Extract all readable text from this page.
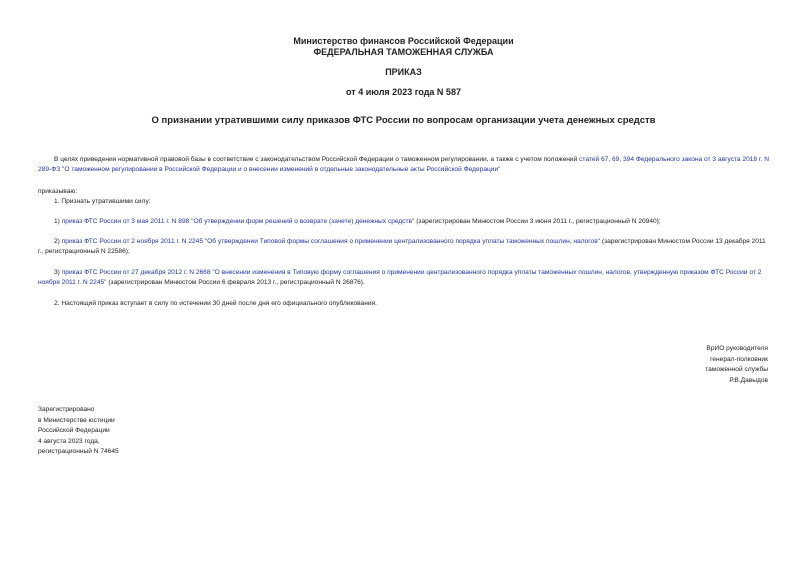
Министерство финансов Российской Федерации
ФЕДЕРАЛЬНАЯ ТАМОЖЕННАЯ СЛУЖБА
ПРИКАЗ
от 4 июля 2023 года N 587
О признании утратившими силу приказов ФТС России по вопросам организации учета денежных средств
В целях приведения нормативной правовой базы в соответствие с законодательством Российской Федерации о таможенном регулировании, а также с учетом положений статей 67, 69, 394 Федерального закона от 3 августа 2018 г. N 289-ФЗ "О таможенном регулировании в Российской Федерации и о внесении изменений в отдельные законодательные акты Российской Федерации"
приказываю:
1. Признать утратившими силу:
1) приказ ФТС России от 3 мая 2011 г. N 898 "Об утверждении форм решений о возврате (зачете) денежных средств" (зарегистрирован Минюстом России 3 июня 2011 г., регистрационный N 20940);
2) приказ ФТС России от 2 ноября 2011 г. N 2245 "Об утверждении Типовой формы соглашения о применении централизованного порядка уплаты таможенных пошлин, налогов" (зарегистрирован Минюстом России 13 декабря 2011 г., регистрационный N 22586);
3) приказ ФТС России от 27 декабря 2012 г. N 2668 "О внесении изменения в Типовую форму соглашения о применении централизованного порядка уплаты таможенных пошлин, налогов, утвержденную приказом ФТС России от 2 ноября 2011 г. N 2245" (зарегистрирован Минюстом России 6 февраля 2013 г., регистрационный N 26876).
2. Настоящий приказ вступает в силу по истечении 30 дней после дня его официального опубликования.
ВрИО руководителя
генерал-полковник
таможенной службы
Р.В.Давыдов
Зарегистрировано
в Министерстве юстиции
Российской Федерации
4 августа 2023 года,
регистрационный N 74645
